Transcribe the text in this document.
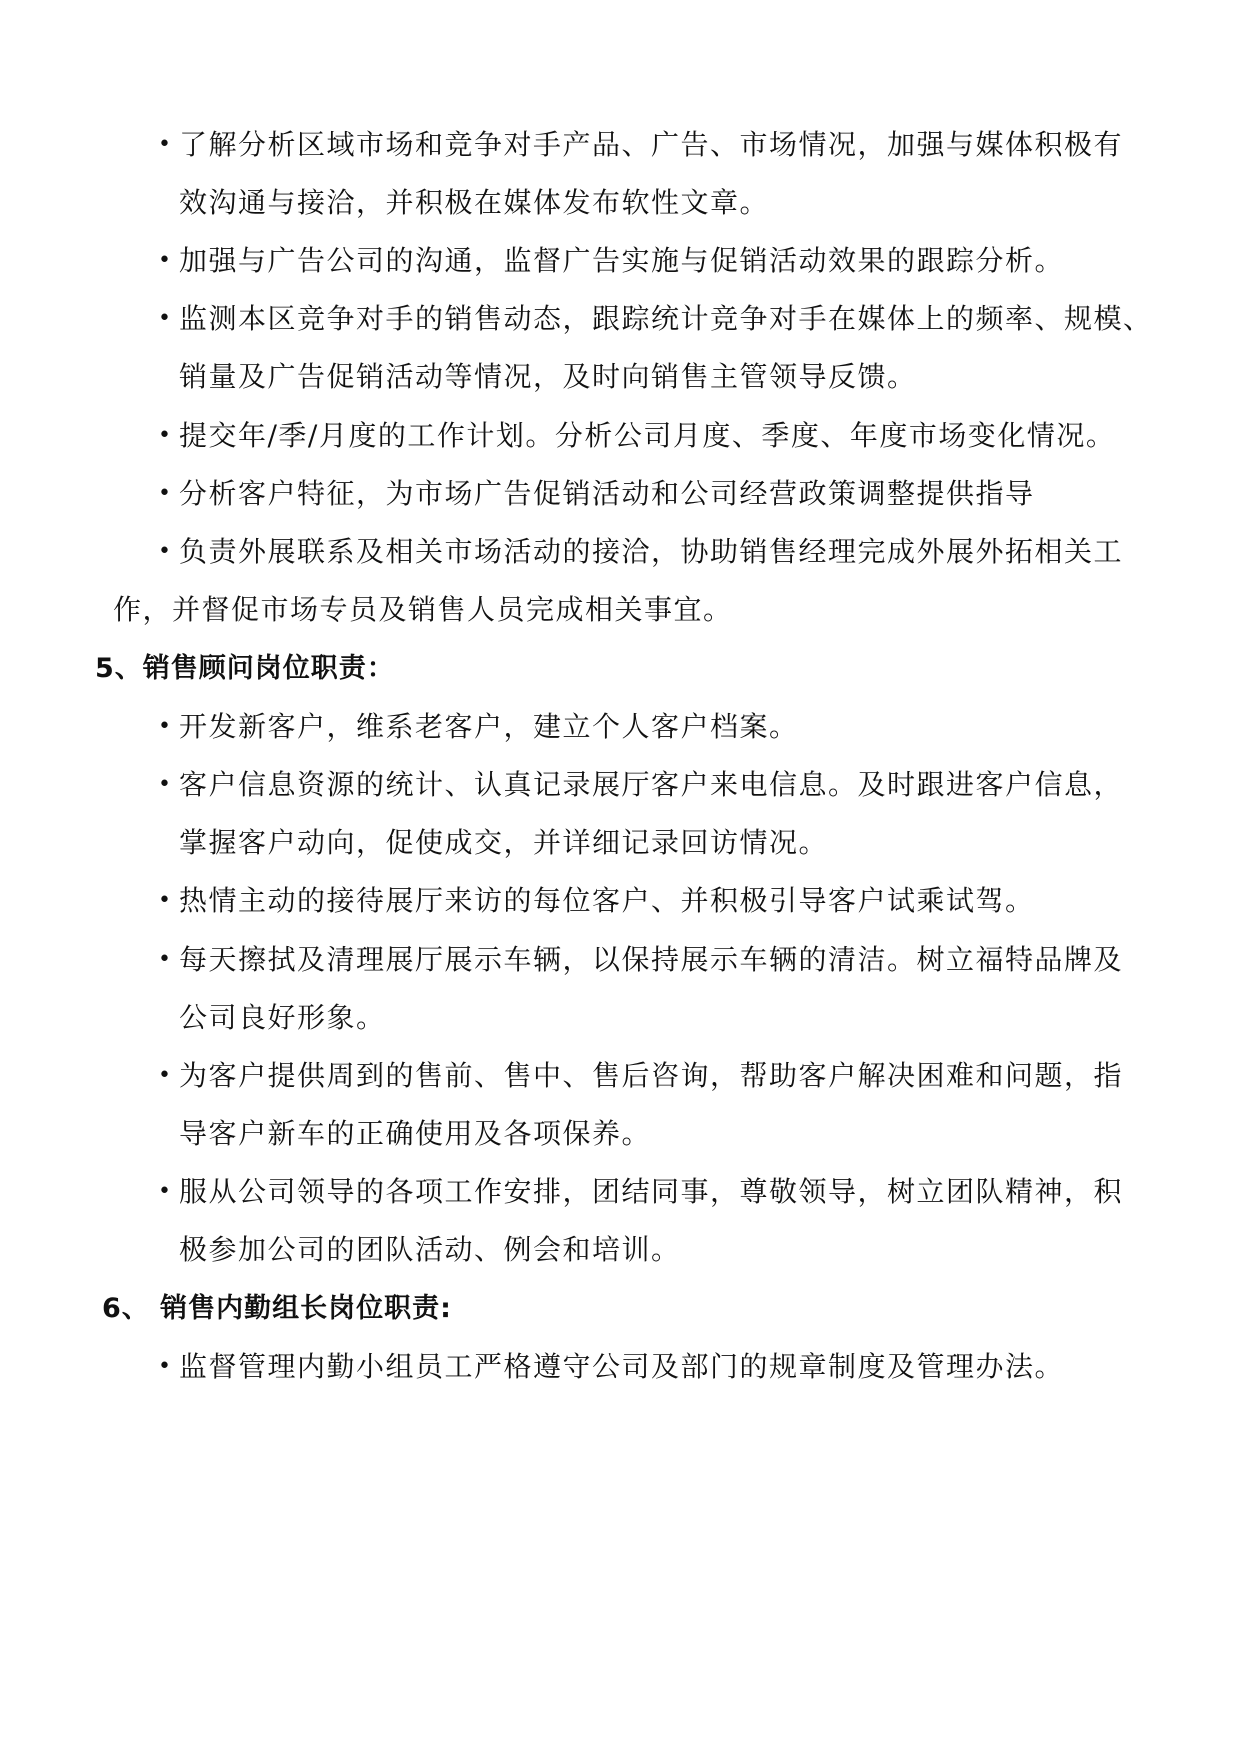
• 了解分析区域市场和竞争对手产品、广告、市场情况，加强与媒体积极有
效沟通与接洽，并积极在媒体发布软性文章。
• 加强与广告公司的沟通，监督广告实施与促销活动效果的跟踪分析。
• 监测本区竞争对手的销售动态，跟踪统计竞争对手在媒体上的频率、规模、
销量及广告促销活动等情况，及时向销售主管领导反馈。
• 提交年/季/月度的工作计划。分析公司月度、季度、年度市场变化情况。
• 分析客户特征，为市场广告促销活动和公司经营政策调整提供指导
• 负责外展联系及相关市场活动的接洽，协助销售经理完成外展外拓相关工
作，并督促市场专员及销售人员完成相关事宜。
5、销售顾问岗位职责：
• 开发新客户，维系老客户，建立个人客户档案。
• 客户信息资源的统计、认真记录展厅客户来电信息。及时跟进客户信息，
掌握客户动向，促使成交，并详细记录回访情况。
• 热情主动的接待展厅来访的每位客户、并积极引导客户试乘试驾。
• 每天擦拭及清理展厅展示车辆，以保持展示车辆的清洁。树立福特品牌及
公司良好形象。
• 为客户提供周到的售前、售中、售后咨询，帮助客户解决困难和问题，指
导客户新车的正确使用及各项保养。
• 服从公司领导的各项工作安排，团结同事，尊敬领导，树立团队精神，积
极参加公司的团队活动、例会和培训。
6、 销售内勤组长岗位职责:
• 监督管理内勤小组员工严格遵守公司及部门的规章制度及管理办法。
